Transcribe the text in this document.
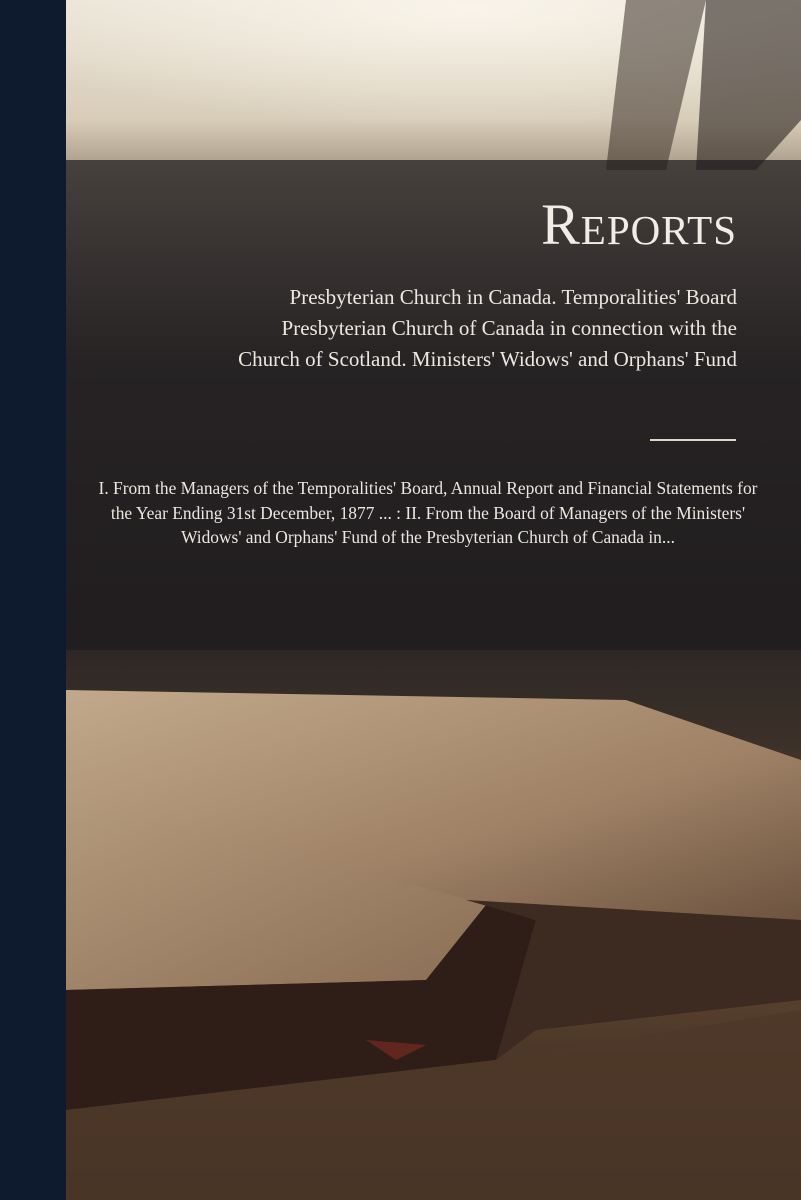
Reports
Presbyterian Church in Canada. Temporalities' Board
Presbyterian Church of Canada in connection with the
Church of Scotland. Ministers' Widows' and Orphans' Fund
I. From the Managers of the Temporalities' Board, Annual Report and Financial Statements for the Year Ending 31st December, 1877 ... : II. From the Board of Managers of the Ministers' Widows' and Orphans' Fund of the Presbyterian Church of Canada in...
